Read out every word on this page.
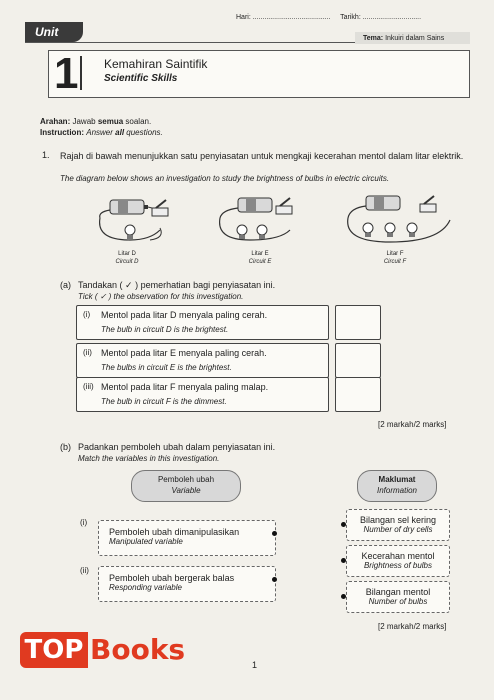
Unit
Hari: ........................................ Tarikh: ..............................
Tema:
Inkuiri dalam Sains
1 Kemahiran Saintifik
Scientific Skills
Arahan: Jawab semua soalan.
Instruction: Answer all questions.
1. Rajah di bawah menunjukkan satu penyiasatan untuk mengkaji kecerahan mentol dalam litar elektrik.
The diagram below shows an investigation to study the brightness of bulbs in electric circuits.
Litar D
Circuit D
Litar E
Circuit E
Litar F
Circuit F
(a) Tandakan ( ✓ ) pemerhatian bagi penyiasatan ini.
Tick ( ✓ ) the observation for this investigation.
(i) Mentol pada litar D menyala paling cerah.
The bulb in circuit D is the brightest.
(ii) Mentol pada litar E menyala paling cerah.
The bulbs in circuit E is the brightest.
(iii) Mentol pada litar F menyala paling malap.
The bulb in circuit F is the dimmest.
[2 markah/2 marks]
(b) Padankan pemboleh ubah dalam penyiasatan ini.
Match the variables in this investigation.
Pemboleh ubah
Variable
Maklumat
Information
(i)
Pemboleh ubah dimanipulasikan
Manipulated variable
(ii)
Pemboleh ubah bergerak balas
Responding variable
Bilangan sel kering
Number of dry cells
Kecerahan mentol
Brightness of bulbs
Bilangan mentol
Number of bulbs
[2 markah/2 marks]
1
TOP Books
